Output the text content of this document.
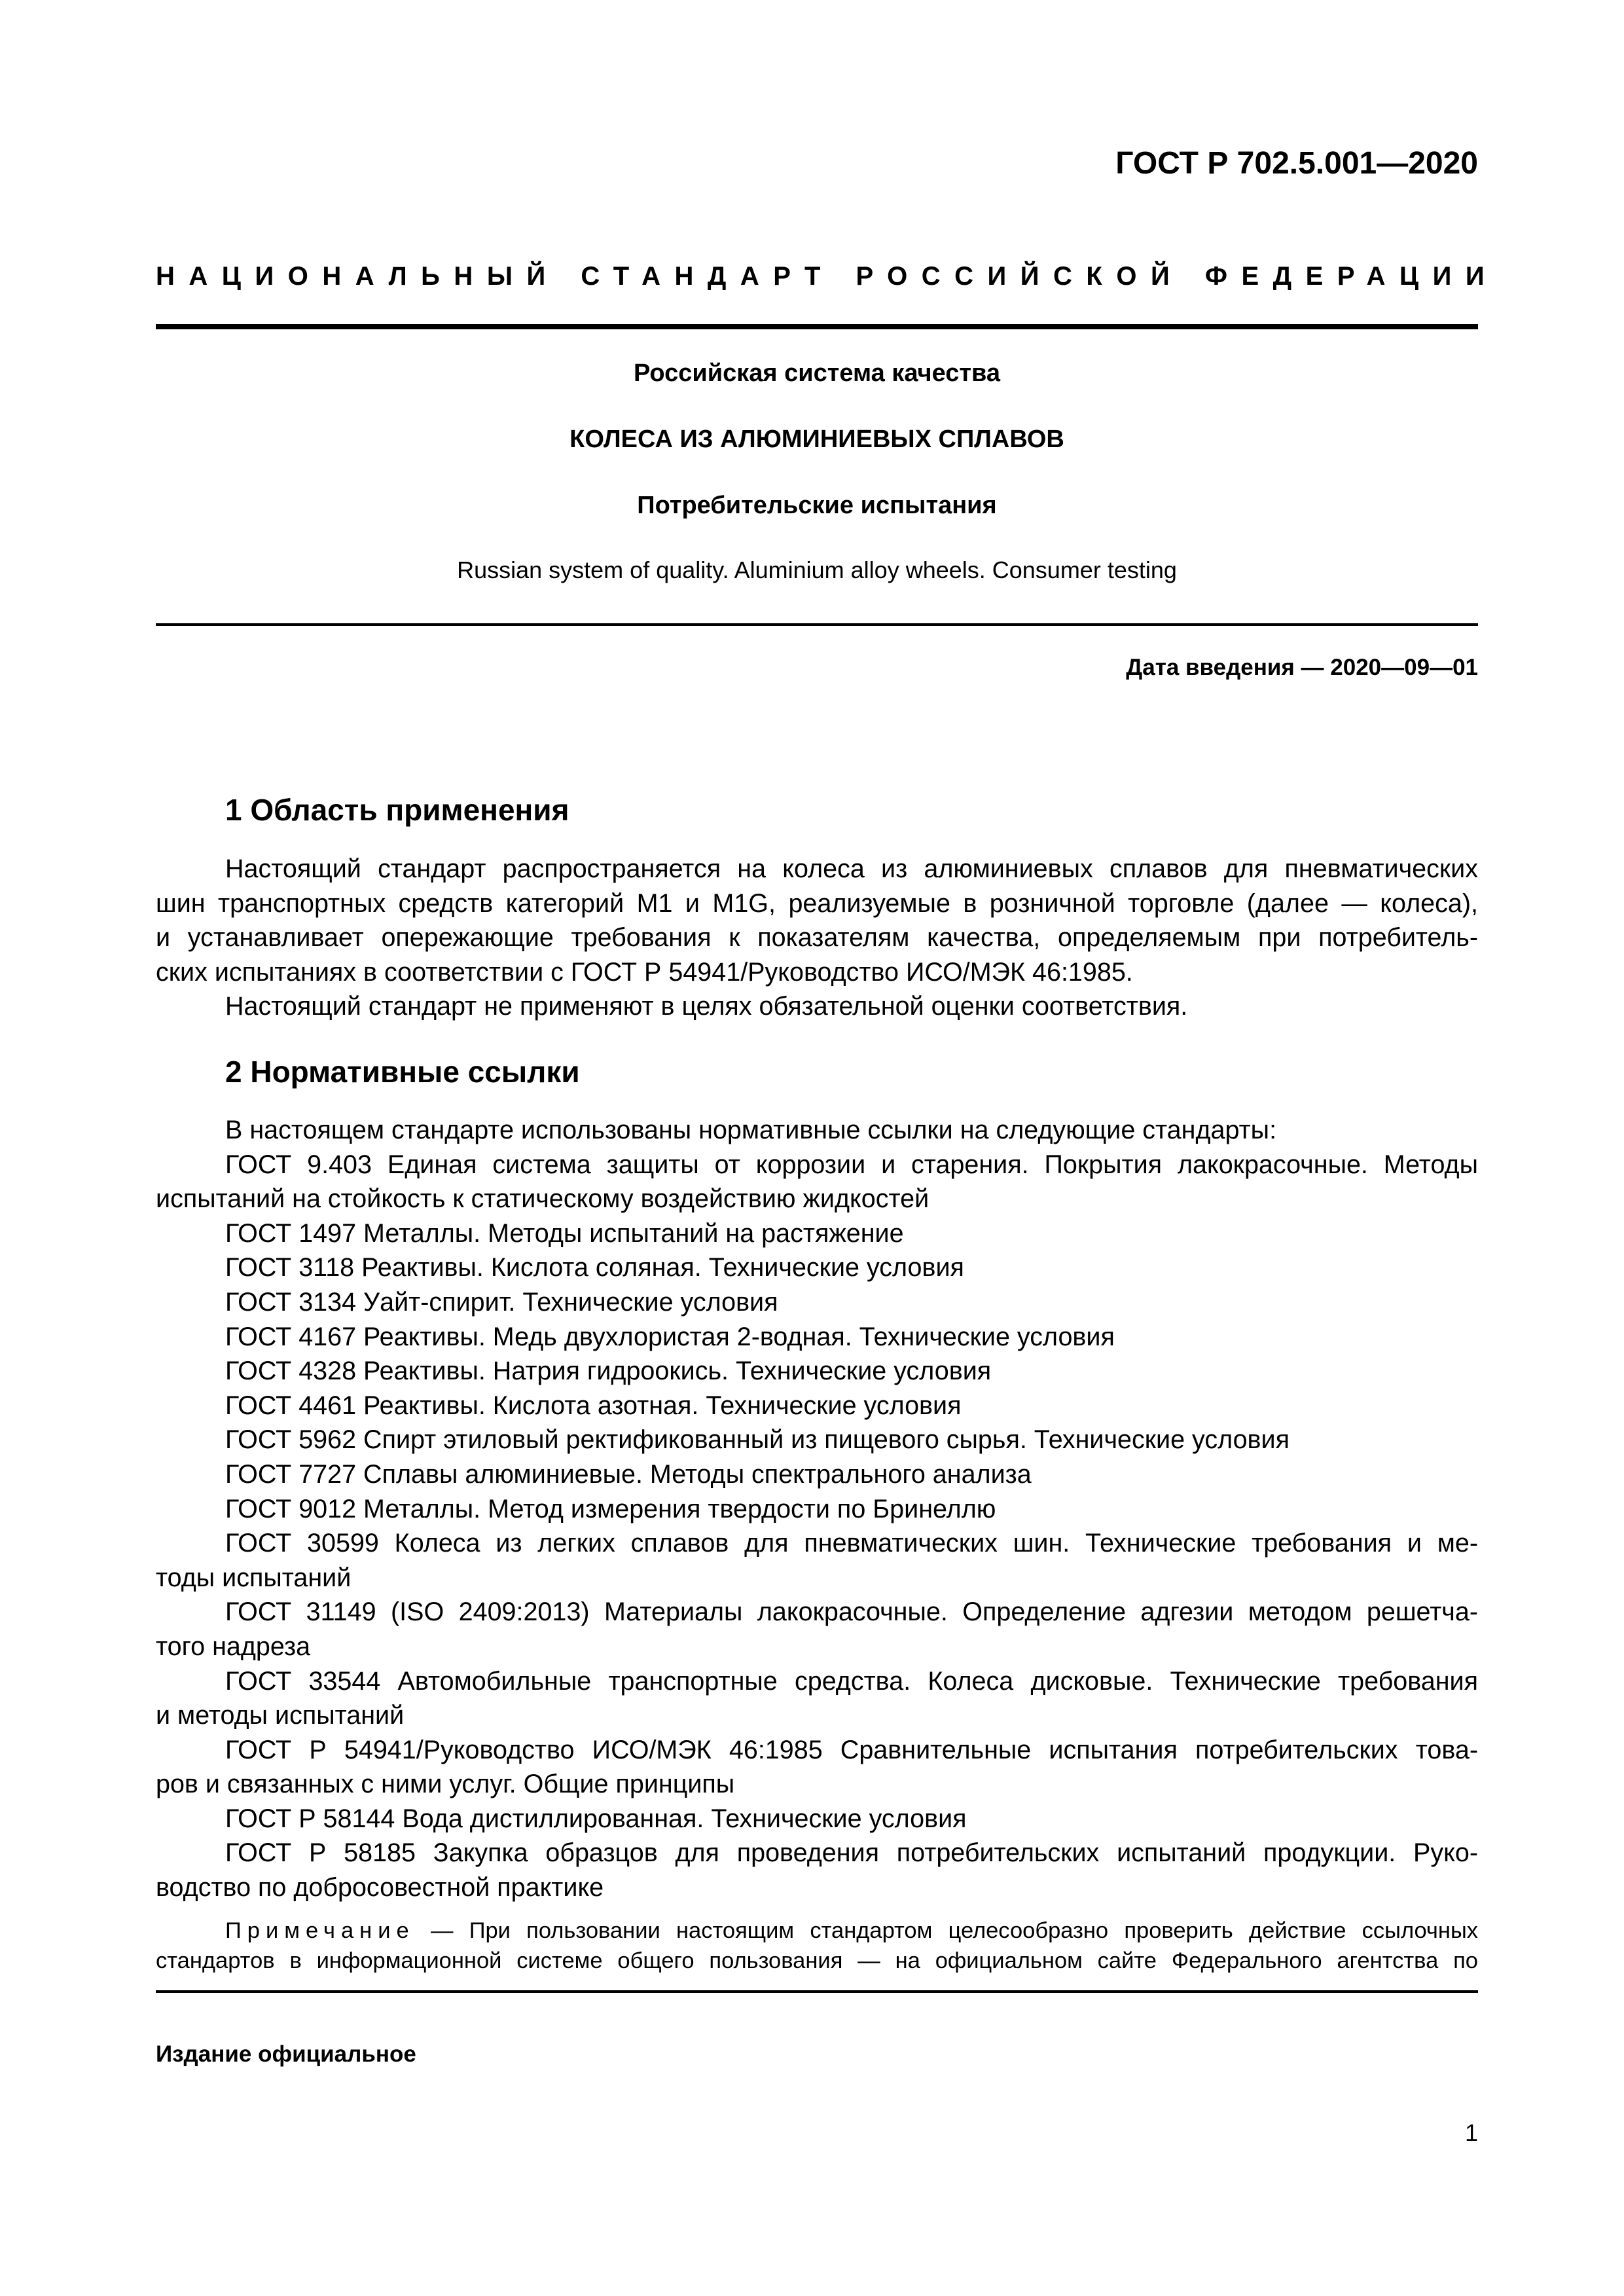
ГОСТ Р 702.5.001—2020
НАЦИОНАЛЬНЫЙ СТАНДАРТ РОССИЙСКОЙ ФЕДЕРАЦИИ
Российская система качества
КОЛЕСА ИЗ АЛЮМИНИЕВЫХ СПЛАВОВ
Потребительские испытания
Russian system of quality. Aluminium alloy wheels. Consumer testing
Дата введения — 2020—09—01
1 Область применения

Настоящий стандарт распространяется на колеса из алюминиевых сплавов для пневматических

шин транспортных средств категорий M1 и M1G, реализуемые в розничной торговле (далее — колеса),

и устанавливает опережающие требования к показателям качества, определяемым при потребитель-

ских испытаниях в соответствии с ГОСТ Р 54941/Руководство ИСО/МЭК 46:1985.

Настоящий стандарт не применяют в целях обязательной оценки соответствия.

2 Нормативные ссылки

В настоящем стандарте использованы нормативные ссылки на следующие стандарты:

ГОСТ 9.403 Единая система защиты от коррозии и старения. Покрытия лакокрасочные. Методы

испытаний на стойкость к статическому воздействию жидкостей

ГОСТ 1497 Металлы. Методы испытаний на растяжение

ГОСТ 3118 Реактивы. Кислота соляная. Технические условия

ГОСТ 3134 Уайт-спирит. Технические условия

ГОСТ 4167 Реактивы. Медь двухлористая 2-водная. Технические условия

ГОСТ 4328 Реактивы. Натрия гидроокись. Технические условия

ГОСТ 4461 Реактивы. Кислота азотная. Технические условия

ГОСТ 5962 Спирт этиловый ректификованный из пищевого сырья. Технические условия

ГОСТ 7727 Сплавы алюминиевые. Методы спектрального анализа

ГОСТ 9012 Металлы. Метод измерения твердости по Бринеллю

ГОСТ 30599 Колеса из легких сплавов для пневматических шин. Технические требования и ме-

тоды испытаний

ГОСТ 31149 (ISO 2409:2013) Материалы лакокрасочные. Определение адгезии методом решетча-

того надреза

ГОСТ 33544 Автомобильные транспортные средства. Колеса дисковые. Технические требования

и методы испытаний

ГОСТ Р 54941/Руководство ИСО/МЭК 46:1985 Сравнительные испытания потребительских това-

ров и связанных с ними услуг. Общие принципы

ГОСТ Р 58144 Вода дистиллированная. Технические условия

ГОСТ Р 58185 Закупка образцов для проведения потребительских испытаний продукции. Руко-

водство по добросовестной практике

Примечание — При пользовании настоящим стандартом целесообразно проверить действие ссылочных

стандартов в информационной системе общего пользования — на официальном сайте Федерального агентства по

Издание официальное
1
